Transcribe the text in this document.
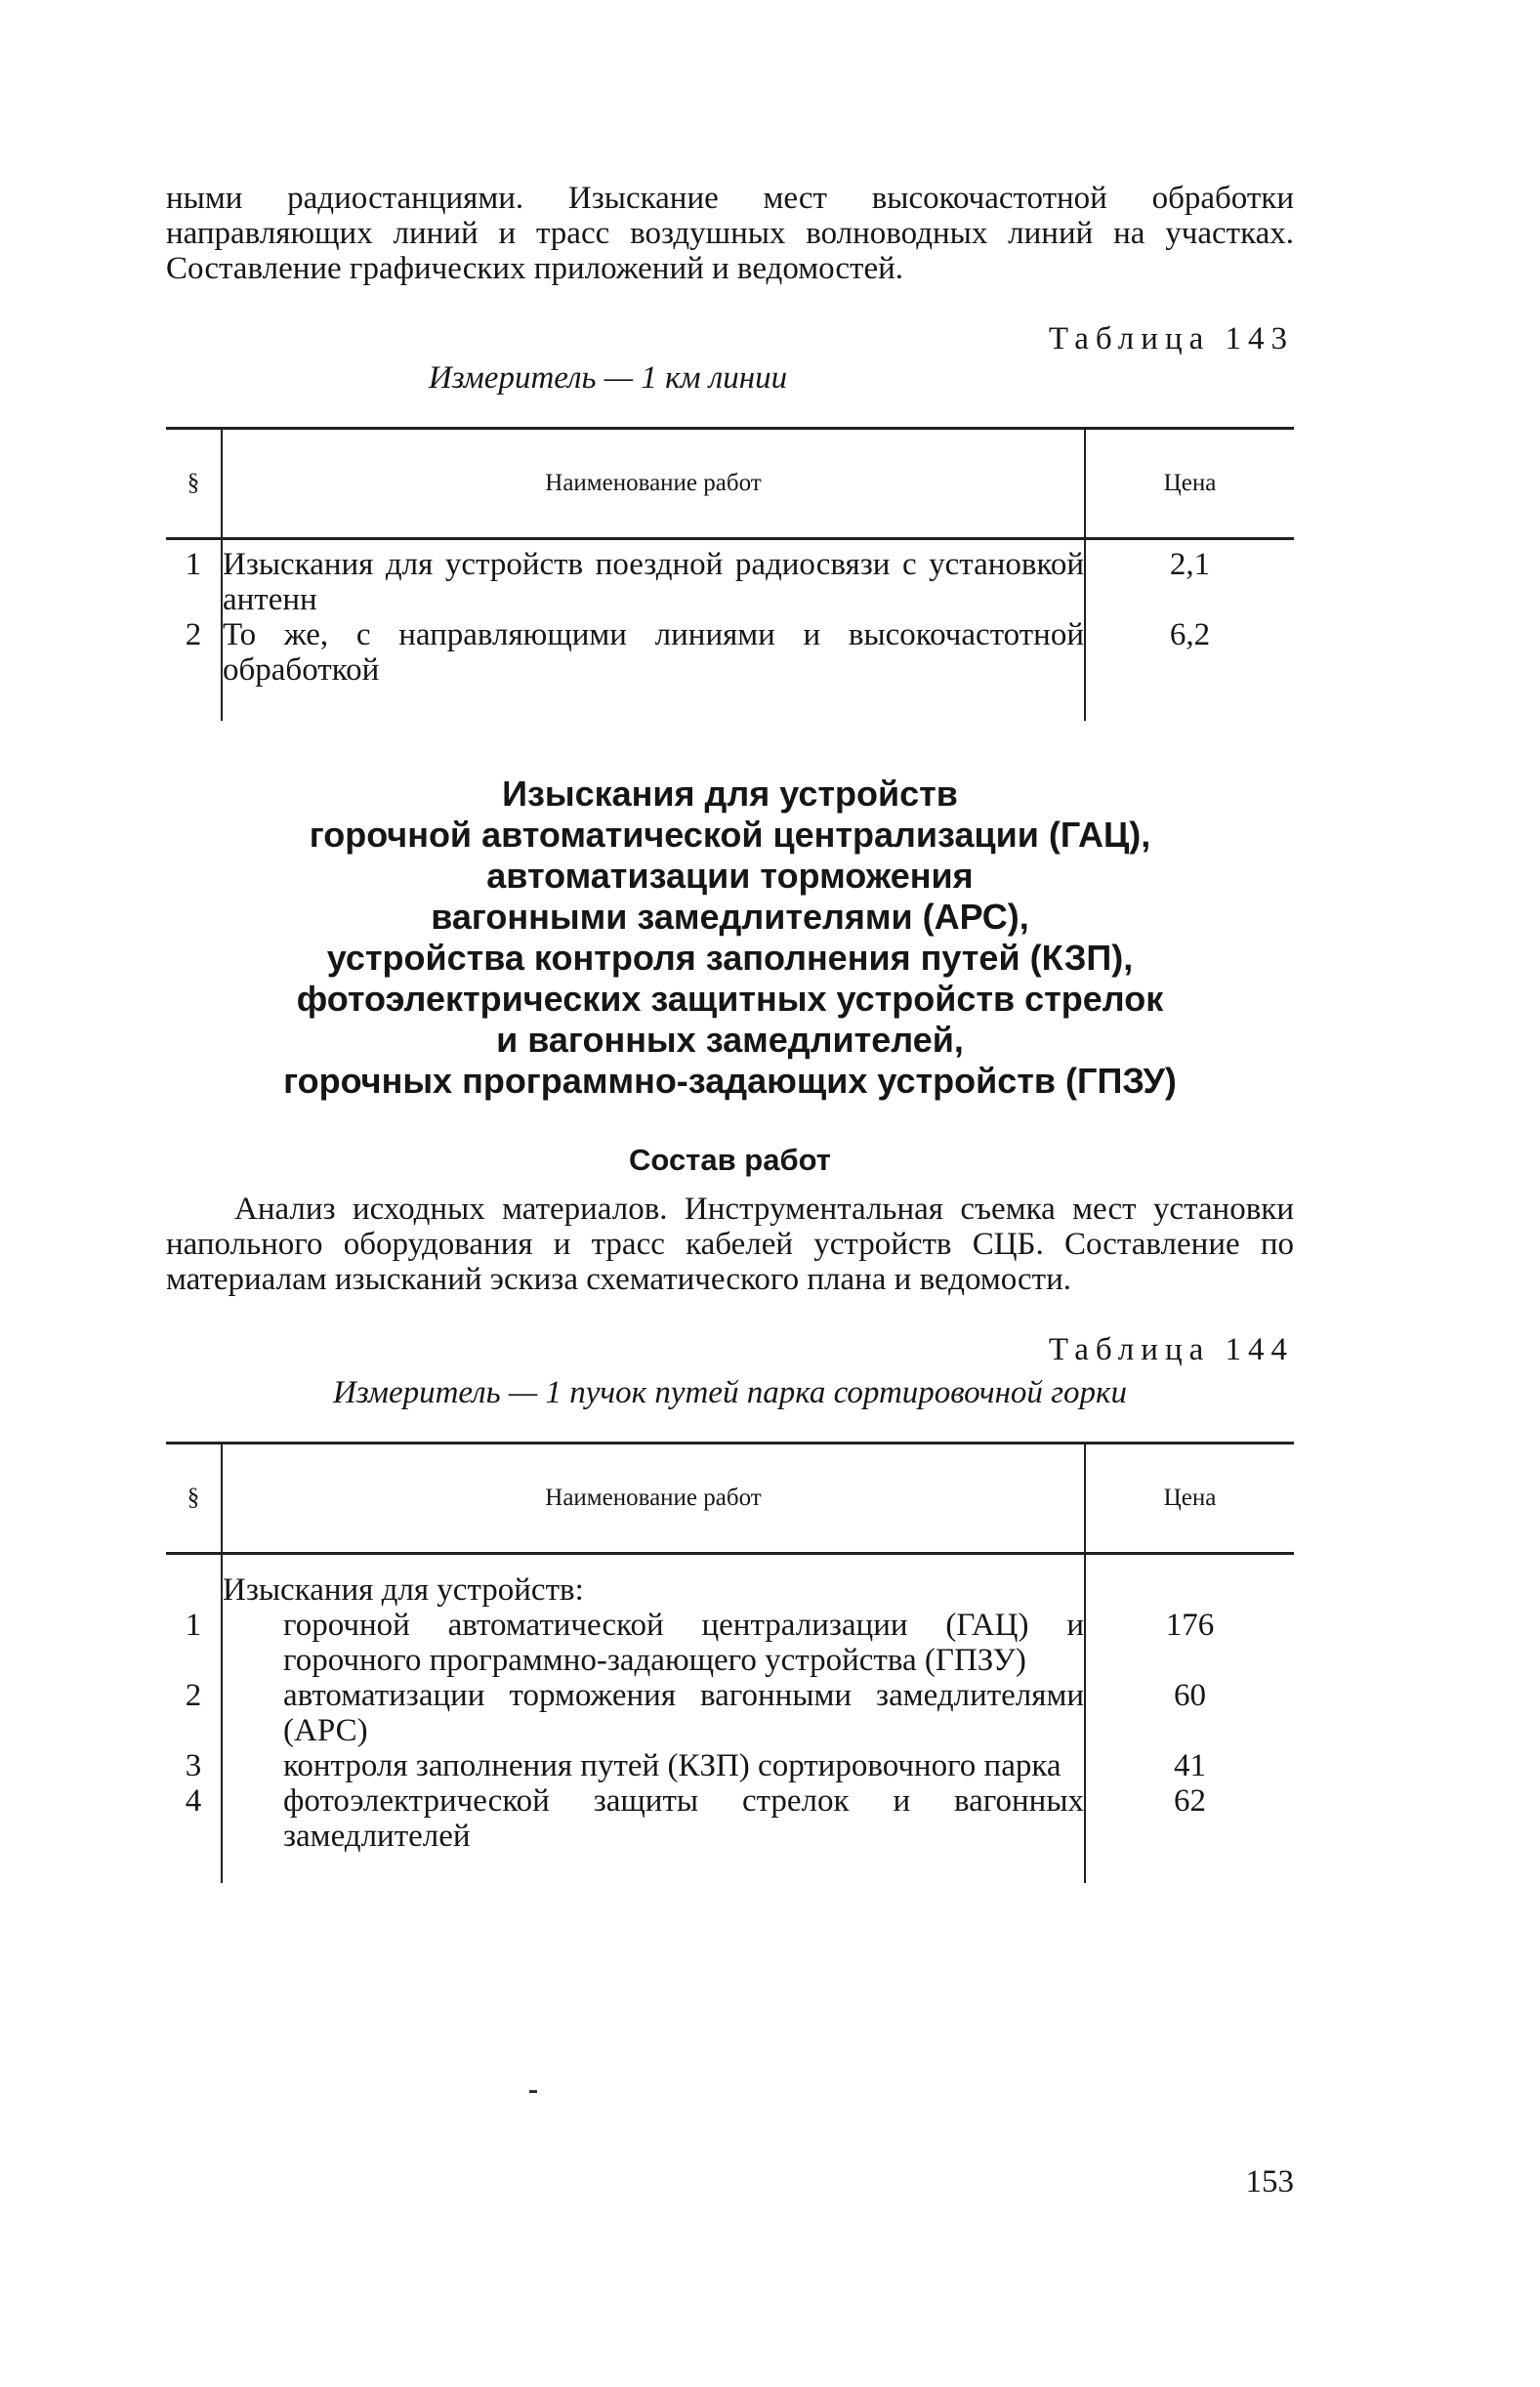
ными радиостанциями. Изыскание мест высокочастотной обработки направляющих линий и трасс воздушных волноводных линий на участках. Составление графических приложений и ведомостей.

Таблица 143
Измеритель — 1 км линии
§	Наименование работ	Цена

1	Изыскания для устройств поездной радиосвязи с установкой антенн	2,1
2	То же, с направляющими линиями и высокочастотной обработкой	6,2

Изыскания для устройств
горочной автоматической централизации (ГАЦ),
автоматизации торможения
вагонными замедлителями (АРС),
устройства контроля заполнения путей (КЗП),
фотоэлектрических защитных устройств стрелок
и вагонных замедлителей,
горочных программно-задающих устройств (ГПЗУ)
Состав работ

Анализ исходных материалов. Инструментальная съемка мест установки напольного оборудования и трасс кабелей устройств СЦБ. Составление по материалам изысканий эскиза схематического плана и ведомости.

Таблица 144
Измеритель — 1 пучок путей парка сортировочной горки
§	Наименование работ	Цена

	Изыскания для устройств:	
1	горочной автоматической централизации (ГАЦ) и горочного программно-задающего устройства (ГПЗУ)	176
2	автоматизации торможения вагонными замедлителями (АРС)	60
3	контроля заполнения путей (КЗП) сортировочного парка	41
4	фотоэлектрической защиты стрелок и вагонных замедлителей	62

153
